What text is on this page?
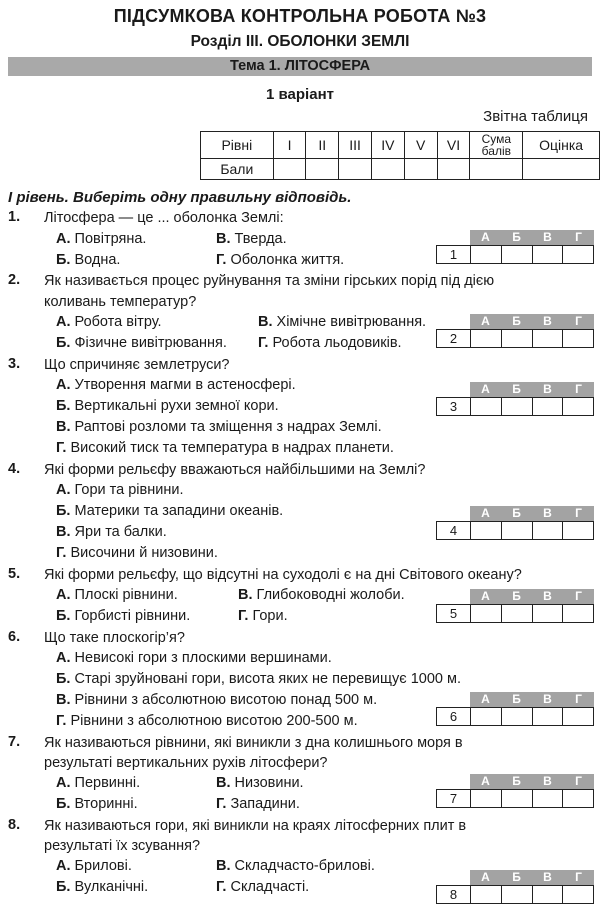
ПІДСУМКОВА КОНТРОЛЬНА РОБОТА №3
Розділ ІІІ. ОБОЛОНКИ ЗЕМЛІ
Тема 1. ЛІТОСФЕРА
1 варіант
Звітна таблиця
Рівні	I	II	III	IV	V	VI	Сума балів	Оцінка
Бали								
І рівень. Виберіть одну правильну відповідь.
1. Літосфера — це ... оболонка Землі:
А. Повітряна.	В. Тверда.
Б. Водна.	Г. Оболонка життя.
А	Б	В	Г
1
2. Як називається процес руйнування та зміни гірських порід під дією
коливань температур?
А. Робота вітру.	В. Хімічне вивітрювання.
Б. Фізичне вивітрювання. Г. Робота льодовиків.
А	Б	В	Г
2
3. Що спричиняє землетруси?
А. Утворення магми в астеносфері.
Б. Вертикальні рухи земної кори.
В. Раптові розломи та зміщення з надрах Землі.
Г. Високий тиск та температура в надрах планети.
А	Б	В	Г
3
4. Які форми рельєфу вважаються найбільшими на Землі?
А. Гори та рівнини.
Б. Материки та западини океанів.
В. Яри та балки.
Г. Височини й низовини.
А	Б	В	Г
4
5. Які форми рельєфу, що відсутні на суходолі є на дні Світового океану?
А. Плоскі рівнини.	В. Глибоководні жолоби.
Б. Горбисті рівнини.	Г. Гори.
А	Б	В	Г
5
6. Що таке плоскогір’я?
А. Невисокі гори з плоскими вершинами.
Б. Старі зруйновані гори, висота яких не перевищує 1000 м.
В. Рівнини з абсолютною висотою понад 500 м.
Г. Рівнини з абсолютною висотою 200-500 м.
А	Б	В	Г
6
7. Як називаються рівнини, які виникли з дна колишнього моря в
результаті вертикальних рухів літосфери?
А. Первинні.	В. Низовини.
Б. Вторинні.	Г. Западини.
А	Б	В	Г
7
8. Як називаються гори, які виникли на краях літосферних плит в
результаті їх зсування?
А. Брилові.	В. Складчасто-брилові.
Б. Вулканічні.	Г. Складчасті.
А	Б	В	Г
8
